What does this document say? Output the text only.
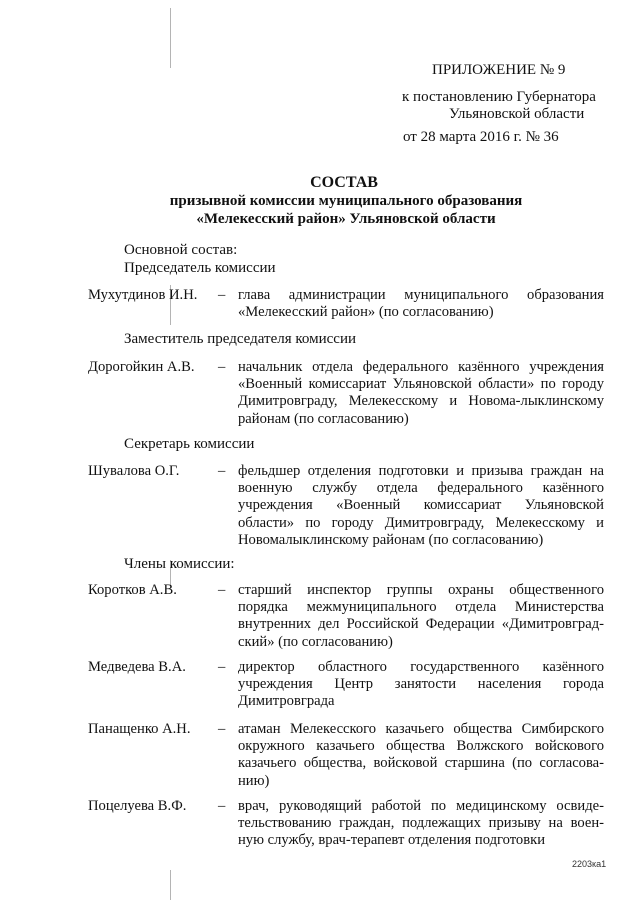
ПРИЛОЖЕНИЕ № 9
к постановлению Губернатора
Ульяновской области
от 28 марта 2016 г. № 36
СОСТАВ
призывной комиссии муниципального образования
«Мелекесский район» Ульяновской области
Основной состав:
Председатель комиссии
Мухутдинов И.Н. – глава администрации муниципального образования «Мелекесский район» (по согласованию)
Заместитель председателя комиссии
Дорогойкин А.В. – начальник отдела федерального казённого учреждения «Военный комиссариат Ульяновской области» по городу Димитровграду, Мелекесскому и Новома-лыклинскому районам (по согласованию)
Секретарь комиссии
Шувалова О.Г.	– фельдшер отделения подготовки и призыва граждан на военную службу отдела федерального казённого учреждения «Военный комиссариат Ульяновской области» по городу Димитровграду, Мелекесскому и Новомалыклинскому районам (по согласованию)
Члены комиссии:
Коротков А.В.	– старший инспектор группы охраны общественного порядка межмуниципального отдела Министерства внутренних дел Российской Федерации «Димитровград-ский» (по согласованию)
Медведева В.А. – директор областного государственного казённого учреждения Центр занятости населения города Димитровграда
Панащенко А.Н. – атаман Мелекесского казачьего общества Симбирского окружного казачьего общества Волжского войскового казачьего общества, войсковой старшина (по согласова-нию)
Поцелуева В.Ф. – врач, руководящий работой по медицинскому освиде-тельствованию граждан, подлежащих призыву на воен-ную службу, врач-терапевт отделения подготовки
2203ка1
